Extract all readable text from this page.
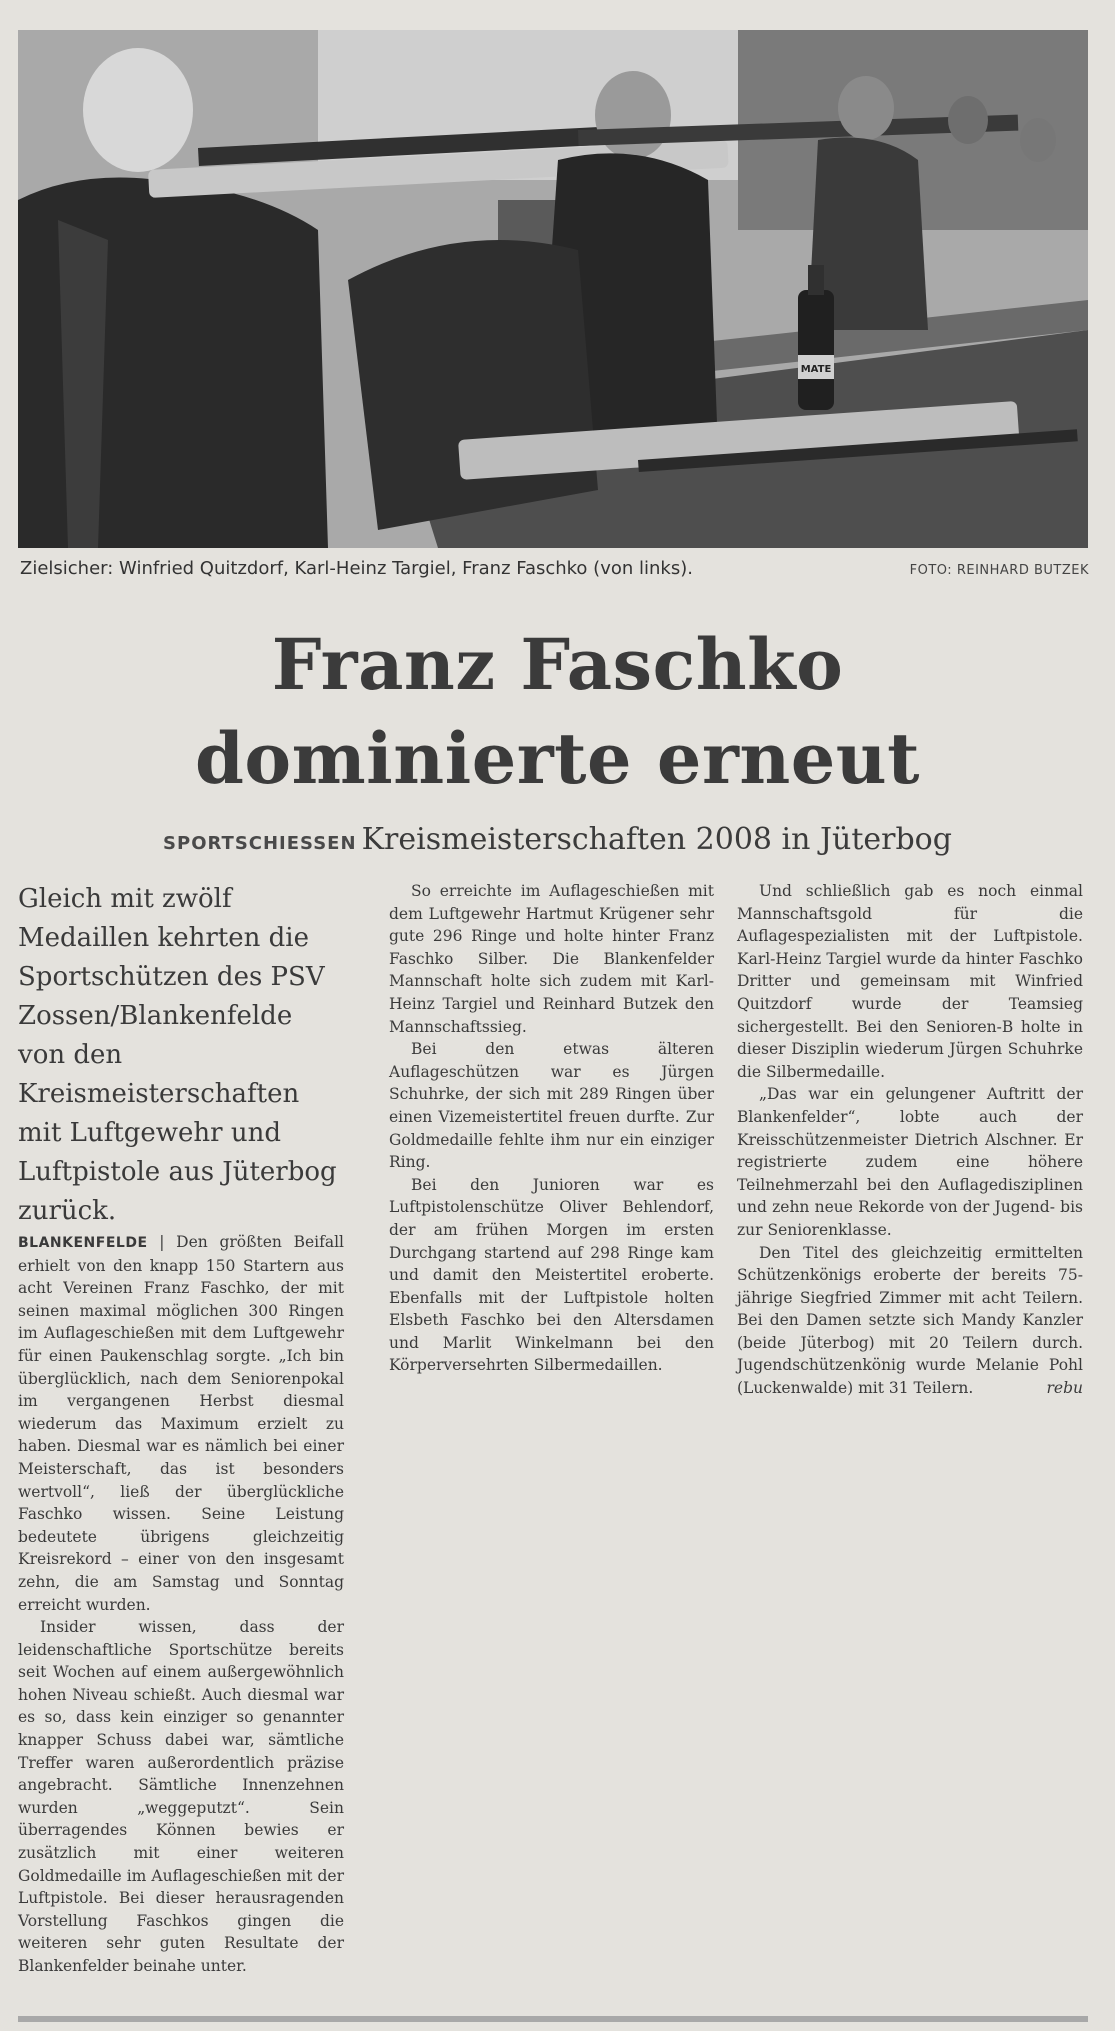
MATE
Zielsicher: Winfried Quitzdorf, Karl-Heinz Targiel, Franz Faschko (von links).	FOTO: REINHARD BUTZEK
Franz Faschko
dominierte erneut
SPORTSCHIESSEN Kreismeisterschaften 2008 in Jüterbog

Gleich mit zwölf Medaillen kehrten die Sportschützen des PSV Zossen/Blankenfelde von den Kreismeisterschaften mit Luftgewehr und Luftpistole aus Jüterbog zurück.

BLANKENFELDE | Den größten Beifall erhielt von den knapp 150 Startern aus acht Vereinen Franz Faschko, der mit seinen maximal möglichen 300 Ringen im Auflageschießen mit dem Luftgewehr für einen Paukenschlag sorgte. „Ich bin überglücklich, nach dem Seniorenpokal im vergangenen Herbst diesmal wiederum das Maximum erzielt zu haben. Diesmal war es nämlich bei einer Meisterschaft, das ist besonders wertvoll“, ließ der überglückliche Faschko wissen. Seine Leistung bedeutete übrigens gleichzeitig Kreisrekord – einer von den insgesamt zehn, die am Samstag und Sonntag erreicht wurden.

Insider wissen, dass der leidenschaftliche Sportschütze bereits seit Wochen auf einem außergewöhnlich hohen Niveau schießt. Auch diesmal war es so, dass kein einziger so genannter knapper Schuss dabei war, sämtliche Treffer waren außerordentlich präzise angebracht. Sämtliche Innenzehnen wurden „weggeputzt“. Sein überragendes Können bewies er zusätzlich mit einer weiteren Goldmedaille im Auflageschießen mit der Luftpistole. Bei dieser herausragenden Vorstellung Faschkos gingen die weiteren sehr guten Resultate der Blankenfelder beinahe unter.

So erreichte im Auflageschießen mit dem Luftgewehr Hartmut Krügener sehr gute 296 Ringe und holte hinter Franz Faschko Silber. Die Blankenfelder Mannschaft holte sich zudem mit Karl-Heinz Targiel und Reinhard Butzek den Mannschaftssieg.

Bei den etwas älteren Auflageschützen war es Jürgen Schuhrke, der sich mit 289 Ringen über einen Vizemeistertitel freuen durfte. Zur Goldmedaille fehlte ihm nur ein einziger Ring.

Bei den Junioren war es Luftpistolenschütze Oliver Behlendorf, der am frühen Morgen im ersten Durchgang startend auf 298 Ringe kam und damit den Meistertitel eroberte. Ebenfalls mit der Luftpistole holten Elsbeth Faschko bei den Altersdamen und Marlit Winkelmann bei den Körperversehrten Silbermedaillen.

Und schließlich gab es noch einmal Mannschaftsgold für die Auflagespezialisten mit der Luftpistole. Karl-Heinz Targiel wurde da hinter Faschko Dritter und gemeinsam mit Winfried Quitzdorf wurde der Teamsieg sichergestellt. Bei den Senioren-B holte in dieser Disziplin wiederum Jürgen Schuhrke die Silbermedaille.

„Das war ein gelungener Auftritt der Blankenfelder“, lobte auch der Kreisschützenmeister Dietrich Alschner. Er registrierte zudem eine höhere Teilnehmerzahl bei den Auflagedisziplinen und zehn neue Rekorde von der Jugend- bis zur Seniorenklasse.

Den Titel des gleichzeitig ermittelten Schützenkönigs eroberte der bereits 75-jährige Siegfried Zimmer mit acht Teilern. Bei den Damen setzte sich Mandy Kanzler (beide Jüterbog) mit 20 Teilern durch. Jugendschützenkönig wurde Melanie Pohl (Luckenwalde) mit 31 Teilern.	rebu
